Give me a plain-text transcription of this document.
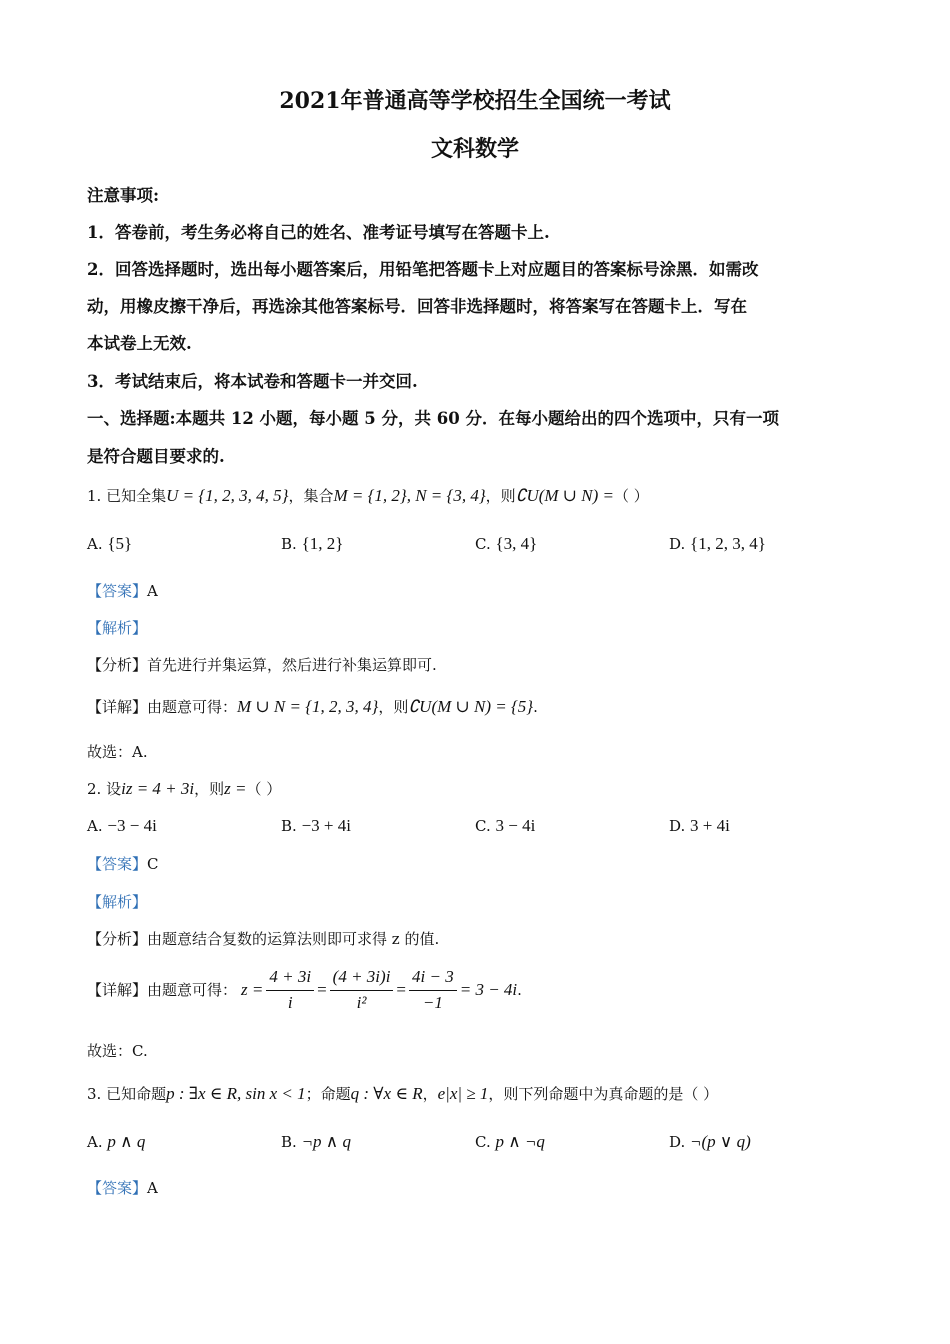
2021年普通高等学校招生全国统一考试
文科数学
注意事项:
1．答卷前，考生务必将自己的姓名、准考证号填写在答题卡上.
2．回答选择题时，选出每小题答案后，用铅笔把答题卡上对应题目的答案标号涂黑．如需改
动，用橡皮擦干净后，再选涂其他答案标号．回答非选择题时，将答案写在答题卡上．写在
本试卷上无效.
3．考试结束后，将本试卷和答题卡一并交回.
一、选择题:本题共 12 小题，每小题 5 分，共 60 分．在每小题给出的四个选项中，只有一项
是符合题目要求的.
1. 已知全集U = {1, 2, 3, 4, 5}，集合M = {1, 2}, N = {3, 4}，则∁U(M ∪ N) =（ ）
A. {5}	B. {1, 2}	C. {3, 4}	D. {1, 2, 3, 4}
【答案】A
【解析】
【分析】首先进行并集运算，然后进行补集运算即可.
【详解】由题意可得：M ∪ N = {1, 2, 3, 4}，则∁U(M ∪ N) = {5}.
故选：A.
2. 设iz = 4 + 3i，则z =（ ）
A. −3 − 4i	B. −3 + 4i	C. 3 − 4i	D. 3 + 4i
【答案】C
【解析】
【分析】由题意结合复数的运算法则即可求得 z 的值.
【详解】 由题意可得： $z = \frac{4 + 3i}{i} = \frac{(4 + 3i)i}{\text{i²}} = \frac{4i - 3}{-1} = 3 - 4i$ .
故选：C.
3. 已知命题p : ∃x ∈ R, sin x < 1；命题q : ∀x ∈ R，e|x| ≥ 1，则下列命题中为真命题的是（ ）
A. p ∧ q	B. ¬p ∧ q	C. p ∧ ¬q	D. ¬(p ∨ q)
【答案】A
